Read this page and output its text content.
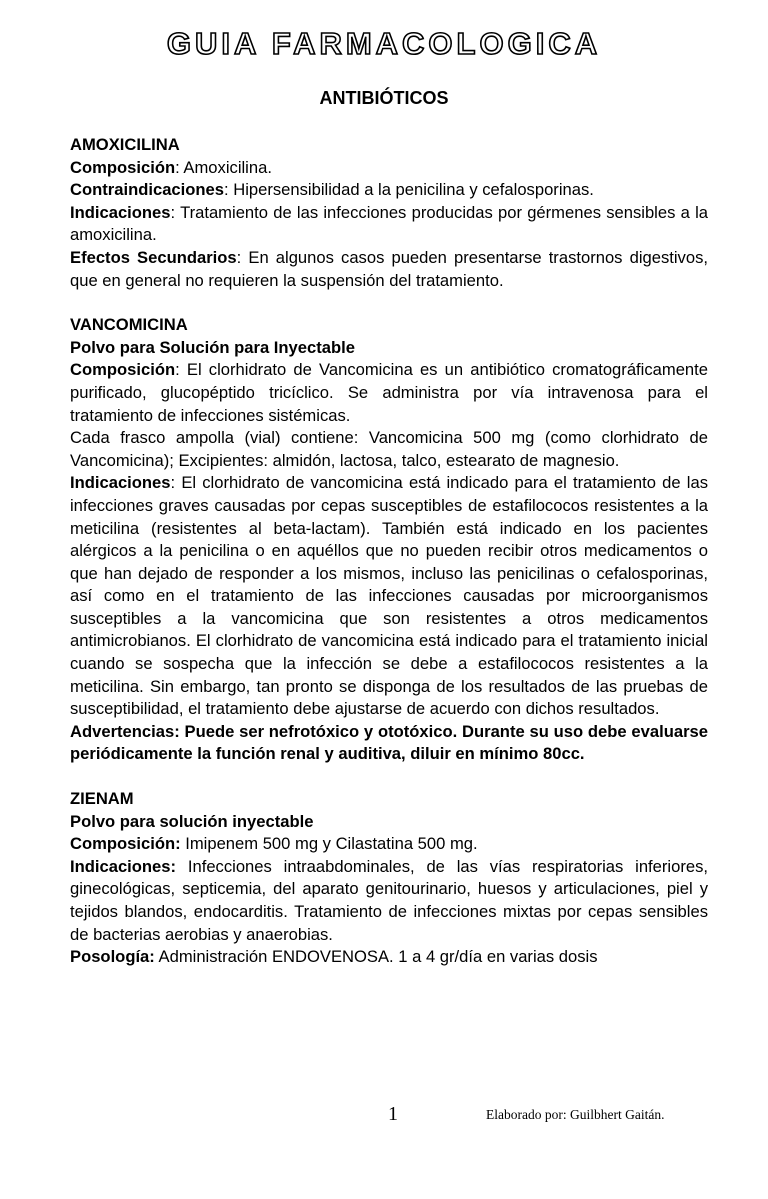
GUIA FARMACOLOGICA
ANTIBIÓTICOS

AMOXICILINA

Composición: Amoxicilina.

Contraindicaciones: Hipersensibilidad a la penicilina y cefalosporinas.

Indicaciones: Tratamiento de las infecciones producidas por gérmenes sensibles a la amoxicilina.

Efectos Secundarios: En algunos casos pueden presentarse trastornos digestivos, que en general no requieren la suspensión del tratamiento.

VANCOMICINA

Polvo para Solución para Inyectable

Composición: El clorhidrato de Vancomicina es un antibiótico cromatográficamente purificado, glucopéptido tricíclico. Se administra por vía intravenosa para el tratamiento de infecciones sistémicas.

Cada frasco ampolla (vial) contiene: Vancomicina 500 mg (como clorhidrato de Vancomicina); Excipientes: almidón, lactosa, talco, estearato de magnesio.

Indicaciones: El clorhidrato de vancomicina está indicado para el tratamiento de las infecciones graves causadas por cepas susceptibles de estafilococos resistentes a la meticilina (resistentes al beta-lactam). También está indicado en los pacientes alérgicos a la penicilina o en aquéllos que no pueden recibir otros medicamentos o que han dejado de responder a los mismos, incluso las penicilinas o cefalosporinas, así como en el tratamiento de las infecciones causadas por microorganismos susceptibles a la vancomicina que son resistentes a otros medicamentos antimicrobianos. El clorhidrato de vancomicina está indicado para el tratamiento inicial cuando se sospecha que la infección se debe a estafilococos resistentes a la meticilina. Sin embargo, tan pronto se disponga de los resultados de las pruebas de susceptibilidad, el tratamiento debe ajustarse de acuerdo con dichos resultados.

Advertencias: Puede ser nefrotóxico y ototóxico. Durante su uso debe evaluarse periódicamente la función renal y auditiva, diluir en mínimo 80cc.

ZIENAM

Polvo para solución inyectable

Composición: Imipenem 500 mg y Cilastatina 500 mg.

Indicaciones: Infecciones intraabdominales, de las vías respiratorias inferiores, ginecológicas, septicemia, del aparato genitourinario, huesos y articulaciones, piel y tejidos blandos, endocarditis. Tratamiento de infecciones mixtas por cepas sensibles de bacterias aerobias y anaerobias.

Posología: Administración ENDOVENOSA. 1 a 4 gr/día en varias dosis

1	Elaborado por: Guilbhert Gaitán.
